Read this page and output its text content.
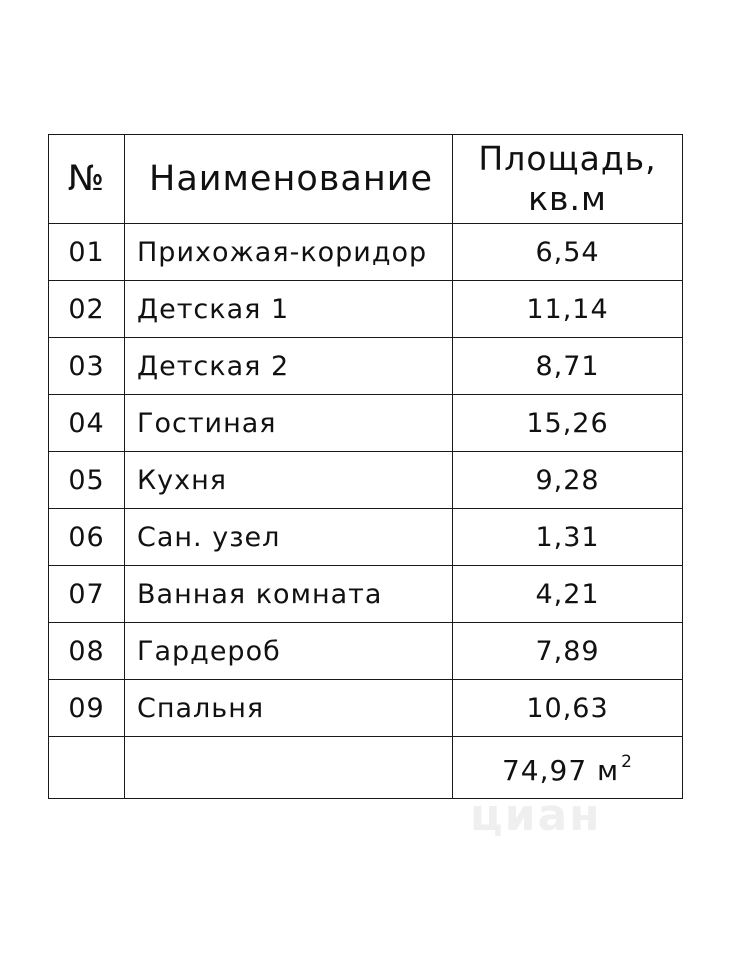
№	Наименование	Площадь,
кв.м

01	Прихожая-коридор	6,54
02	Детская 1	11,14
03	Детская 2	8,71
04	Гостиная	15,26
05	Кухня	9,28
06	Сан. узел	1,31
07	Ванная комната	4,21
08	Гардероб	7,89
09	Спальня	10,63
		74,97 м $^2$
циан
